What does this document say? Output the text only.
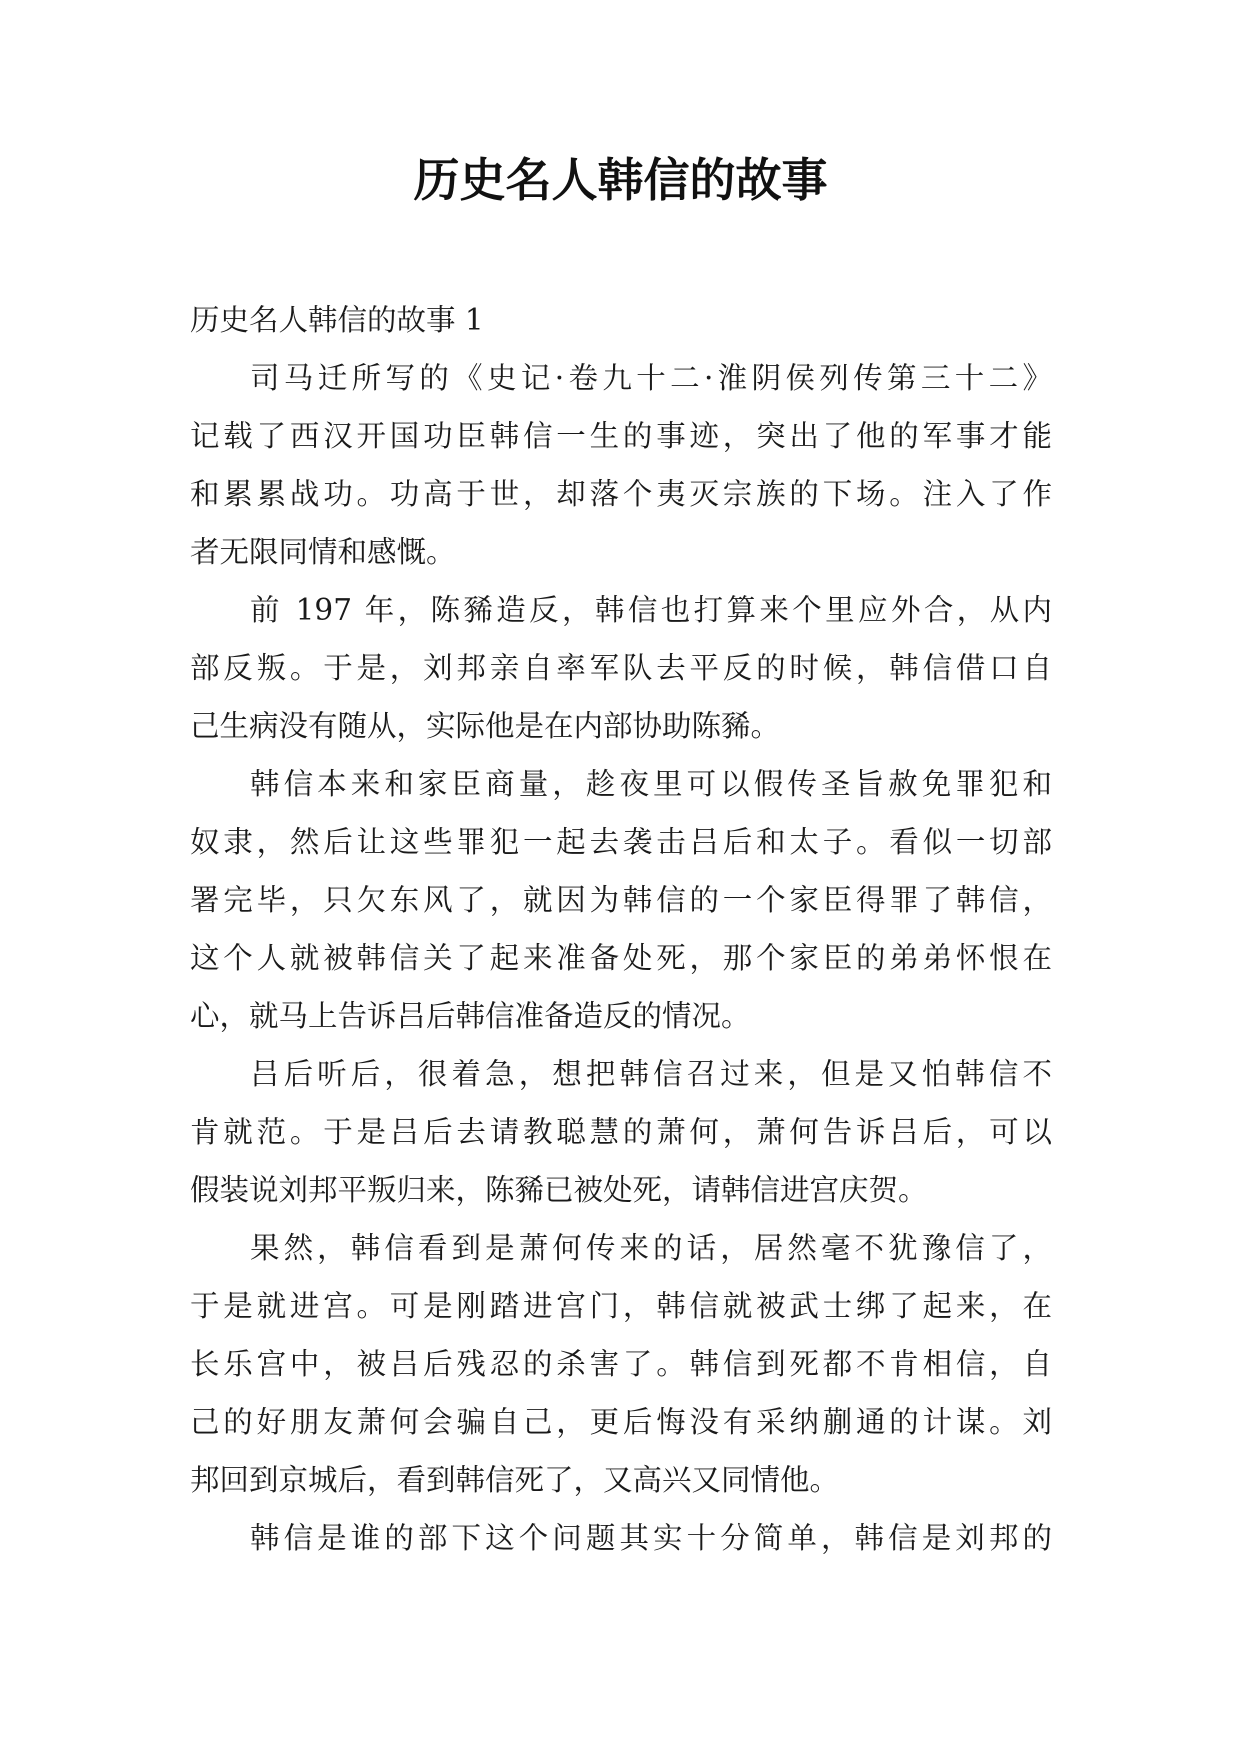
历史名人韩信的故事
历史名人韩信的故事 1
司马迁所写的《史记·卷九十二·淮阴侯列传第三十二》
记载了西汉开国功臣韩信一生的事迹，突出了他的军事才能
和累累战功。功高于世，却落个夷灭宗族的下场。注入了作
者无限同情和感慨。
前 197 年，陈豨造反，韩信也打算来个里应外合，从内
部反叛。于是，刘邦亲自率军队去平反的时候，韩信借口自
己生病没有随从，实际他是在内部协助陈豨。
韩信本来和家臣商量，趁夜里可以假传圣旨赦免罪犯和
奴隶，然后让这些罪犯一起去袭击吕后和太子。看似一切部
署完毕，只欠东风了，就因为韩信的一个家臣得罪了韩信，
这个人就被韩信关了起来准备处死，那个家臣的弟弟怀恨在
心，就马上告诉吕后韩信准备造反的情况。
吕后听后，很着急，想把韩信召过来，但是又怕韩信不
肯就范。于是吕后去请教聪慧的萧何，萧何告诉吕后，可以
假装说刘邦平叛归来，陈豨已被处死，请韩信进宫庆贺。
果然，韩信看到是萧何传来的话，居然毫不犹豫信了，
于是就进宫。可是刚踏进宫门，韩信就被武士绑了起来，在
长乐宫中，被吕后残忍的杀害了。韩信到死都不肯相信，自
己的好朋友萧何会骗自己，更后悔没有采纳蒯通的计谋。刘
邦回到京城后，看到韩信死了，又高兴又同情他。
韩信是谁的部下这个问题其实十分简单，韩信是刘邦的
